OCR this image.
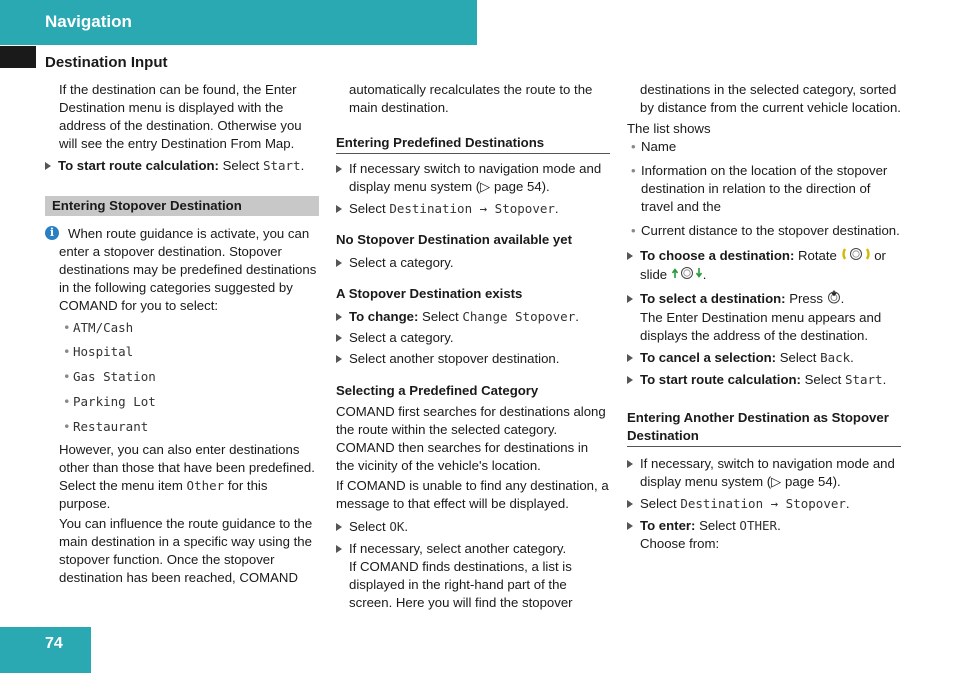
Navigation
Destination Input

If the destination can be found, the Enter Destination menu is displayed with the address of the destination. Otherwise you will see the entry Destination From Map.

To start route calculation: Select Start.

Entering Stopover Destination

i	When route guidance is activate, you can enter a stopover destination. Stopover destinations may be predefined destinations in the following categories suggested by COMAND for you to select:

• ATM/Cash

• Hospital

• Gas Station

• Parking Lot

• Restaurant

However, you can also enter destinations other than those that have been predefined. Select the menu item Other for this purpose.

You can influence the route guidance to the main destination in a specific way using the stopover function. Once the stopover destination has been reached, COMAND

automatically recalculates the route to the main destination.

Entering Predefined Destinations

If necessary switch to navigation mode and display menu system (▷ page 54).

Select Destination → Stopover.

No Stopover Destination available yet

Select a category.

A Stopover Destination exists

To change: Select Change Stopover.

Select a category.

Select another stopover destination.

Selecting a Predefined Category

COMAND first searches for destinations along the route within the selected category. COMAND then searches for destinations in the vicinity of the vehicle's location.

If COMAND is unable to find any destination, a message to that effect will be displayed.

Select OK.

If necessary, select another category.
If COMAND finds destinations, a list is displayed in the right-hand part of the screen. Here you will find the stopover

destinations in the selected category, sorted by distance from the current vehicle location.

The list shows

• Name

• Information on the location of the stopover destination in relation to the direction of travel and the

• Current distance to the stopover destination.

To choose a destination: Rotate  or slide .

To select a destination: Press .
The Enter Destination menu appears and displays the address of the destination.

To cancel a selection: Select Back.

To start route calculation: Select Start.

Entering Another Destination as Stopover Destination

If necessary, switch to navigation mode and display menu system (▷ page 54).

Select Destination → Stopover.

To enter: Select OTHER.
Choose from:

74
